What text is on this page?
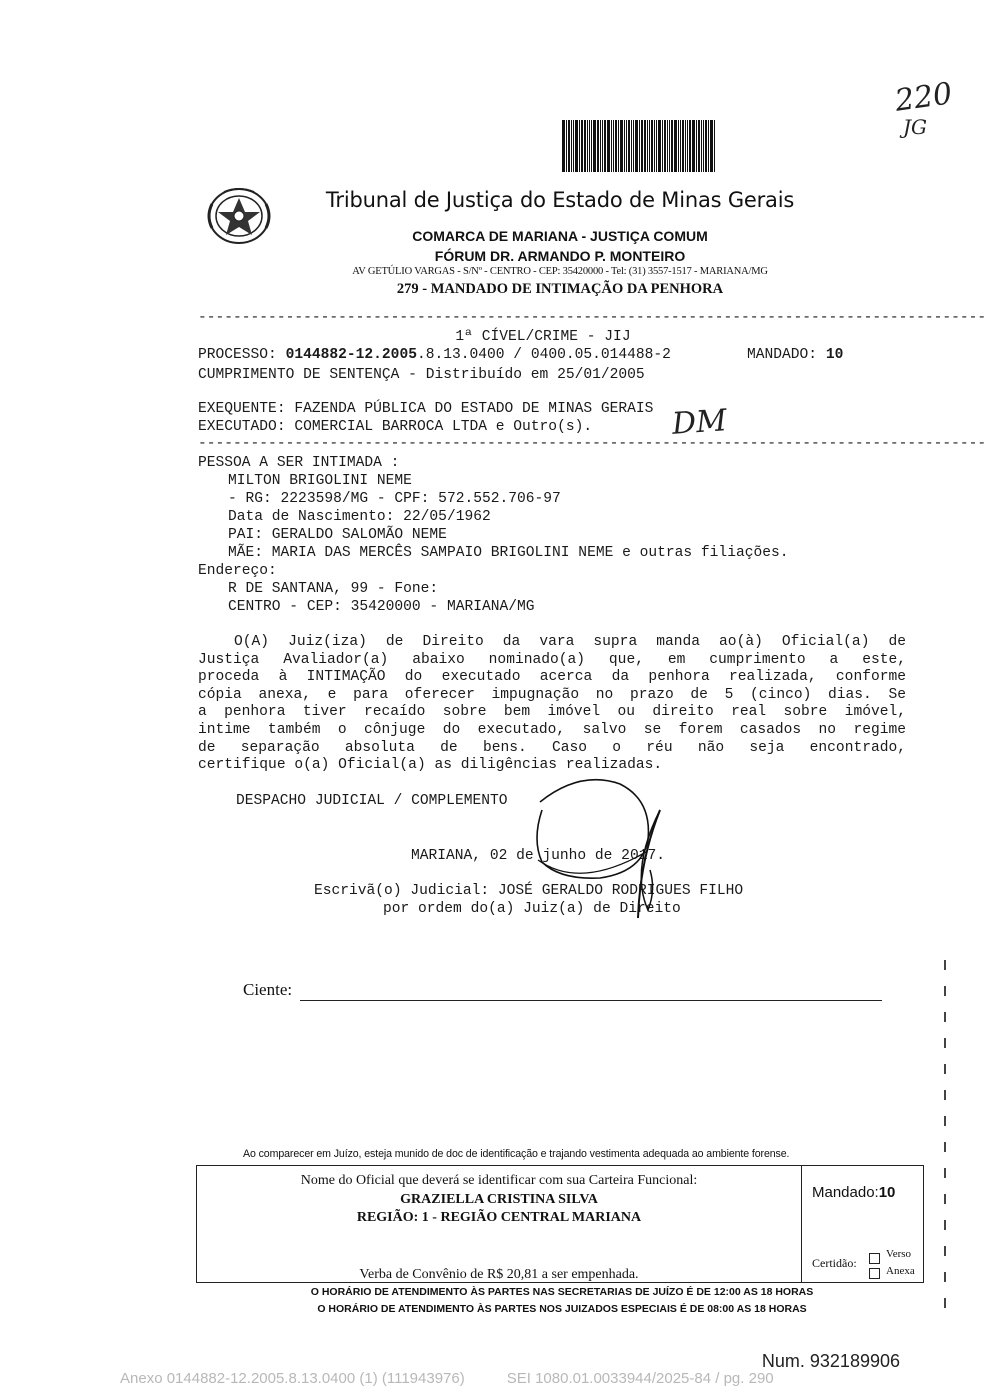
220
JG
Tribunal de Justiça do Estado de Minas Gerais
COMARCA DE MARIANA - JUSTIÇA COMUM
FÓRUM DR. ARMANDO P. MONTEIRO
AV GETÚLIO VARGAS - S/Nº - CENTRO - CEP: 35420000 - Tel: (31) 3557-1517 - MARIANA/MG
279 - MANDADO DE INTIMAÇÃO DA PENHORA
------------------------------------------------------------------------------------------
1ª CÍVEL/CRIME - JIJ
PROCESSO: 0144882-12.2005.8.13.0400 / 0400.05.014488-2	MANDADO: 10
CUMPRIMENTO DE SENTENÇA - Distribuído em 25/01/2005
EXEQUENTE: FAZENDA PÚBLICA DO ESTADO DE MINAS GERAIS
EXECUTADO: COMERCIAL BARROCA LTDA e Outro(s).	DM
------------------------------------------------------------------------------------------
PESSOA A SER INTIMADA :
MILTON BRIGOLINI NEME
- RG: 2223598/MG - CPF: 572.552.706-97
Data de Nascimento: 22/05/1962
PAI: GERALDO SALOMÃO NEME
MÃE: MARIA DAS MERCÊS SAMPAIO BRIGOLINI NEME e outras filiações.
Endereço:
R DE SANTANA, 99 - Fone:
CENTRO - CEP: 35420000 - MARIANA/MG
O(A) Juiz(iza) de Direito da vara supra manda ao(à) Oficial(a) de
Justiça Avaliador(a) abaixo nominado(a) que, em cumprimento a este,
proceda à INTIMAÇÃO do executado acerca da penhora realizada, conforme
cópia anexa, e para oferecer impugnação no prazo de 5 (cinco) dias. Se
a penhora tiver recaído sobre bem imóvel ou direito real sobre imóvel,
intime também o cônjuge do executado, salvo se forem casados no regime
de separação absoluta de bens. Caso o réu não seja encontrado,
certifique o(a) Oficial(a) as diligências realizadas.
DESPACHO JUDICIAL / COMPLEMENTO
MARIANA, 02 de junho de 2017.
Escrivã(o) Judicial: JOSÉ GERALDO RODRIGUES FILHO
por ordem do(a) Juiz(a) de Direito
Ciente:
Ao comparecer em Juízo, esteja munido de doc de identificação e trajando vestimenta adequada ao ambiente forense.
Nome do Oficial que deverá se identificar com sua Carteira Funcional:
GRAZIELLA CRISTINA SILVA
REGIÃO: 1 - REGIÃO CENTRAL MARIANA
Verba de Convênio de R$ 20,81 a ser empenhada.
Mandado:10
Certidão:
Verso
Anexa
O HORÁRIO DE ATENDIMENTO ÀS PARTES NAS SECRETARIAS DE JUÍZO É DE 12:00 AS 18 HORAS
O HORÁRIO DE ATENDIMENTO ÀS PARTES NOS JUIZADOS ESPECIAIS É DE 08:00 AS 18 HORAS
Num. 932189906
Anexo 0144882-12.2005.8.13.0400 (1) (111943976)	SEI 1080.01.0033944/2025-84 / pg. 290
